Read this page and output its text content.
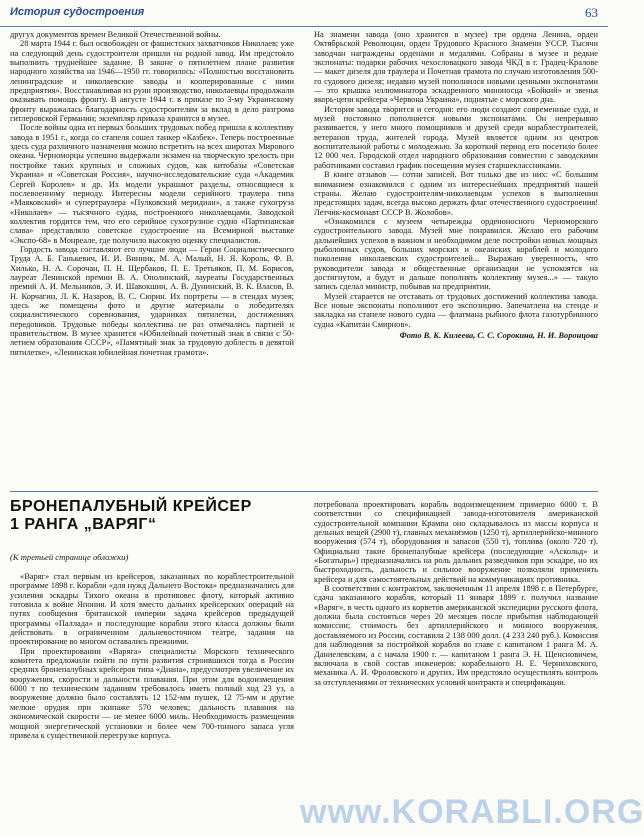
История судостроения	63

другух документов времен Великой Отечественной войны.

28 марта 1944 г. был освобожден от фашистских захватчиков Николаев; уже на следующий день судостроители пришли на родной завод. Им предстояло выполнить труднейшее задание. В законе о пятилетнем плане развития народного хозяйства на 1946—1950 гг. говорилось: «Полностью восстановить ленинградские и николаевские заводы и кооперированные с ними предприятия». Восстанавливая из руин производство, николаевцы продолжали оказывать помощь фронту. В августе 1944 г. в приказе по 3-му Украинскому фронту выражалась благодарность судостроителям за вклад в дело разгрома гитлеровской Германии; экземпляр приказа хранится в музее.

После войны одна из первых больших трудовых побед пришла к коллективу завода в 1951 г., когда со стапеля сошел танкер «Казбек». Теперь построенные здесь суда различного назначения можно встретить на всех широтах Мирового океана. Черноморцы успешно выдержали экзамен на творческую зрелость при постройке таких крупных и сложных судов, как китобазы «Советская Украина» и «Советская Россия», научно-исследовательские суда «Академик Сергей Королев» и др. Их модели украшают разделы, относящиеся к послевоенному периоду. Интересны модели серийного траулера типа «Маяковский» и супертраулера «Пулковский меридиан», а также сухогруза «Николаев» — тысячного судна, построенного николаевцами. Заводской коллектив гордится тем, что его серийное сухогрузное судно «Партизанская слава» представляло советское судостроение на Всемирной выставке «Экспо-68» в Монреале, где получило высокую оценку специалистов.

Гордость завода составляют его лучшие люди — Герои Социалистического Труда А. Б. Ганькевич, И. И. Винник, М. А. Малый, Н. Я. Король, Ф. В. Хилько, Н. А. Сорочан, П. Н. Щербаков, П. Е. Третьяков, П. М. Борисов, лауреат Ленинской премии В. А. Ополинский, лауреаты Государственных премий А. И. Мельников, Э. И. Шавокшин, А. В. Дунинский, В. К. Власов, В. Н. Корчагин, Л. К. Назаров, В. С. Сюрин. Их портреты — в стендах музея; здесь же помещены фото и другие материалы о победителях социалистического соревнования, ударниках пятилетки, достижениях передовиков. Трудовые победы коллектива не раз отмечались партией и правительством. В музее хранится «Юбилейный почетный знак в связи с 50-летием образования СССР», «Памятный знак за трудовую доблесть в девятой пятилетке», «Ленинская юбилейная почетная грамота».

На знамени завода (оно хранится в музее) три ордена Ленина, орден Октябрьской Революции, орден Трудового Красного Знамени УССР. Тысячи заводчан награждены орденами и медалями. Собраны в музее и редкие экспонаты: подарки рабочих чехословацкого завода ЧКД в г. Градец-Кралове — макет дизеля для траулера и Почетная грамота по случаю изготовления 500-го судового дизеля; недавно музей пополнился новыми ценными экспонатами — это крышка иллюминатора эскадренного миноносца «Бойкий» и звенья якорь-цепи крейсера «Червона Украина», поднятые с морского дна.

История завода творится и сегодня: его люди создают современные суда, и музей постоянно пополняется новыми экспонатами. Он непрерывно развивается, у него много помощников и друзей среди кораблестроителей, ветеранов труда, жителей города. Музей является одним из центров воспитательной работы с молодежью. За короткий период его посетило более 12 000 чел. Городской отдел народного образования совместно с заводскими работниками составил график посещения музея старшеклассниками.

В книге отзывов — сотни записей. Вот только две из них: «С большим вниманием ознакомился с одним из интереснейших предприятий нашей страны. Желаю судостроителям-николаевцам успехов в выполнении предстоящих задач, всегда высоко держать флаг отечественного судостроения! Летчик-космонавт СССР В. Жолобов».

«Ознакомился с музеем четырежды орденоносного Черноморского судостроительного завода. Музей мне понравился. Желаю его рабочим дальнейших успехов в важном и необходимом деле постройки новых мощных рыболовных судов, больших морских и океанских кораблей и молодого поколения николаевских судостроителей... Выражаю уверенность, что руководители завода и общественные организации не успокоятся на достигнутом, а будут и дальше пополнять коллективу музея...» — такую запись сделал министр, побывав на предприятии.

Музей старается не отставать от трудовых достижений коллектива завода. Все новые экспонаты пополняют его экспозицию. Запечатлена на стенде и закладка на стапеле нового судна — флагмана рыбного флота газотурбинного судна «Капитан Смирнов».

Фото В. К. Килеева, С. С. Сорокина, Н. И. Воронцова
БРОНЕПАЛУБНЫЙ КРЕЙСЕР
1 РАНГА „ВАРЯГ“
(К третьей странице обложки)

«Варяг» стал первым из крейсеров, заказанных по кораблестроительной программе 1898 г. Корабли «для нужд Дальнего Востока» предназначались для усиления эскадры Тихого океана в противовес флоту, который активно готовила к войне Япония. И хотя вместо дальних крейсерских операций на путях сообщения британской империи задача крейсеров предыдущей программы «Паллада» и последующие корабли этого класса должны были действовать в ограниченном дальневосточном театре, задания на проектирование во многом оставались прежними.

При проектировании «Варяга» специалисты Морского технического комитета предложили пойти по пути развития строившихся тогда в России средних бронепалубных крейсеров типа «Диана», предусмотрев увеличение их вооружения, скорости и дальности плавания. При этом для водоизмещения 6000 т по техническим заданиям требовалось иметь полный ход 23 уз, а вооружение должно было составлять 12 152-мм пушек, 12 75-мм и другие мелкие орудия при экипаже 570 человек; дальность плавания на экономической скорости — не менее 6000 миль. Необходимость размещения мощной энергетической установки и более чем 700-тонного запаса угля привела к существенной перегрузке корпуса.

потребовала проектировать корабль водоизмещением примерно 6000 т. В соответствии со спецификацией завода-изготовителя американской судостроительной компании Крампа оно складывалось из массы корпуса и дельных вещей (2900 т), главных механизмов (1250 т), артиллерийско-минного вооружения (574 т), оборудования и запасов (550 т), топлива (около 720 т). Официально такие бронепалубные крейсера (последующие «Аскольд» и «Богатырь») предназначались на роль дальних разведчиков при эскадре, но их быстроходность, дальность и сильное вооружение позволяли применять крейсера и для самостоятельных действий на коммуникациях противника.

В соответствии с контрактом, заключенным 11 апреля 1898 г. в Петербурге, сдача заказанного корабля, который 11 января 1899 г. получил название «Варяг», в честь одного из корветов американской экспедиции русского флота, должна была состояться через 20 месяцев после прибытия наблюдающей комиссии; стоимость без артиллерийского и минного вооружения, доставляемого из России, составила 2 138 000 долл. (4 233 240 руб.). Комиссия для наблюдения за постройкой корабля во главе с капитаном 1 ранга М. А. Даниелевским, а с начала 1900 г. — капитаном 1 ранга Э. Н. Щенсновичем, включала в свой состав инженеров: корабельного Н. Е. Черниховского, механика А. И. Фроловского и других. Им предстояло осуществлять контроль за отступлениями от технических условий контракта и спецификации.

www.KORABLI.ORG
